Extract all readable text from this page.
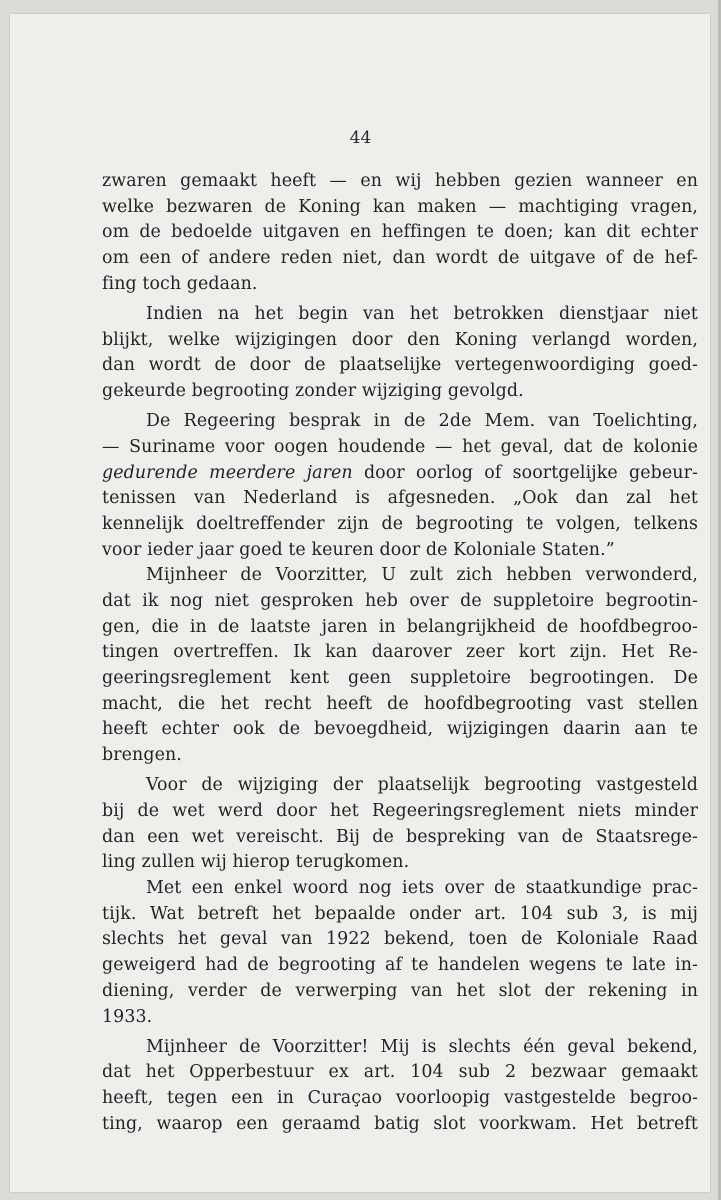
44
zwaren gemaakt heeft — en wij hebben gezien wanneer en
welke bezwaren de Koning kan maken — machtiging vragen,
om de bedoelde uitgaven en heffingen te doen; kan dit echter
om een of andere reden niet, dan wordt de uitgave of de hef-
fing toch gedaan.
Indien na het begin van het betrokken dienstjaar niet
blijkt, welke wijzigingen door den Koning verlangd worden,
dan wordt de door de plaatselijke vertegenwoordiging goed-
gekeurde begrooting zonder wijziging gevolgd.
De Regeering besprak in de 2de Mem. van Toelichting,
— Suriname voor oogen houdende — het geval, dat de kolonie
gedurende meerdere jaren door oorlog of soortgelijke gebeur-
tenissen van Nederland is afgesneden. „Ook dan zal het
kennelijk doeltreffender zijn de begrooting te volgen, telkens
voor ieder jaar goed te keuren door de Koloniale Staten.”
Mijnheer de Voorzitter, U zult zich hebben verwonderd,
dat ik nog niet gesproken heb over de suppletoire begrootin-
gen, die in de laatste jaren in belangrijkheid de hoofdbegroo-
tingen overtreffen. Ik kan daarover zeer kort zijn. Het Re-
geeringsreglement kent geen suppletoire begrootingen. De
macht, die het recht heeft de hoofdbegrooting vast stellen
heeft echter ook de bevoegdheid, wijzigingen daarin aan te
brengen.
Voor de wijziging der plaatselijk begrooting vastgesteld
bij de wet werd door het Regeeringsreglement niets minder
dan een wet vereischt. Bij de bespreking van de Staatsrege-
ling zullen wij hierop terugkomen.
Met een enkel woord nog iets over de staatkundige prac-
tijk. Wat betreft het bepaalde onder art. 104 sub 3, is mij
slechts het geval van 1922 bekend, toen de Koloniale Raad
geweigerd had de begrooting af te handelen wegens te late in-
diening, verder de verwerping van het slot der rekening in
1933.
Mijnheer de Voorzitter! Mij is slechts één geval bekend,
dat het Opperbestuur ex art. 104 sub 2 bezwaar gemaakt
heeft, tegen een in Curaçao voorloopig vastgestelde begroo-
ting, waarop een geraamd batig slot voorkwam. Het betreft
